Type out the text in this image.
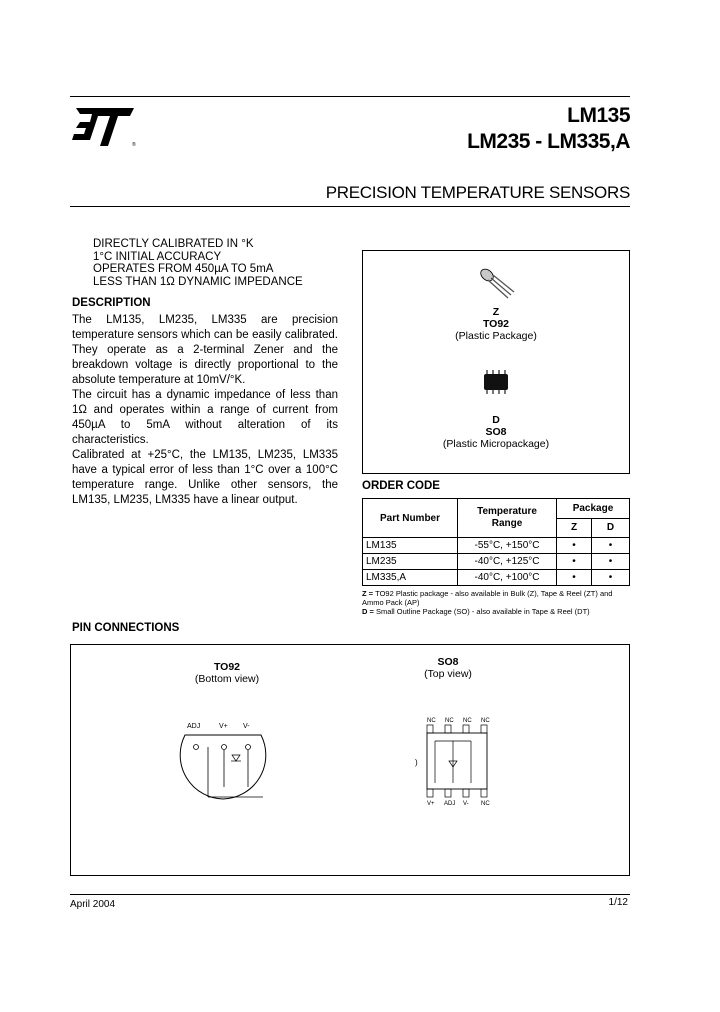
®
ST	LM135
LM235 - LM335,A
PRECISION TEMPERATURE SENSORS
DIRECTLY CALIBRATED IN °K
1°C INITIAL ACCURACY
OPERATES FROM 450µA TO 5mA
LESS THAN 1Ω DYNAMIC IMPEDANCE
DESCRIPTION

The LM135, LM235, LM335 are precision temperature sensors which can be easily calibrated. They operate as a 2-terminal Zener and the breakdown voltage is directly proportional to the absolute temperature at 10mV/°K.

The circuit has a dynamic impedance of less than 1Ω and operates within a range of current from 450µA to 5mA without alteration of its characteristics.

Calibrated at +25°C, the LM135, LM235, LM335 have a typical error of less than 1°C over a 100°C temperature range. Unlike other sensors, the LM135, LM235, LM335 have a linear output.

Z
TO92
(Plastic Package)
D
SO8
(Plastic Micropackage)
ORDER CODE
Part Number	Temperature Range	Package	
		Z	D
LM135	-55°C, +150°C	•	•
LM235	-40°C, +125°C	•	•
LM335,A	-40°C, +100°C	•	•
Z = TO92 Plastic package - also available in Bulk (Z), Tape & Reel (ZT) and Ammo Pack (AP)
D = Small Outline Package (SO) - also available in Tape & Reel (DT)
PIN CONNECTIONS
TO92
(Bottom view)
ADJ	V+ V-
SO8
(Top view)
NC NC NC NC
)
V+ ADJ V- NC
April 2004	1/12
